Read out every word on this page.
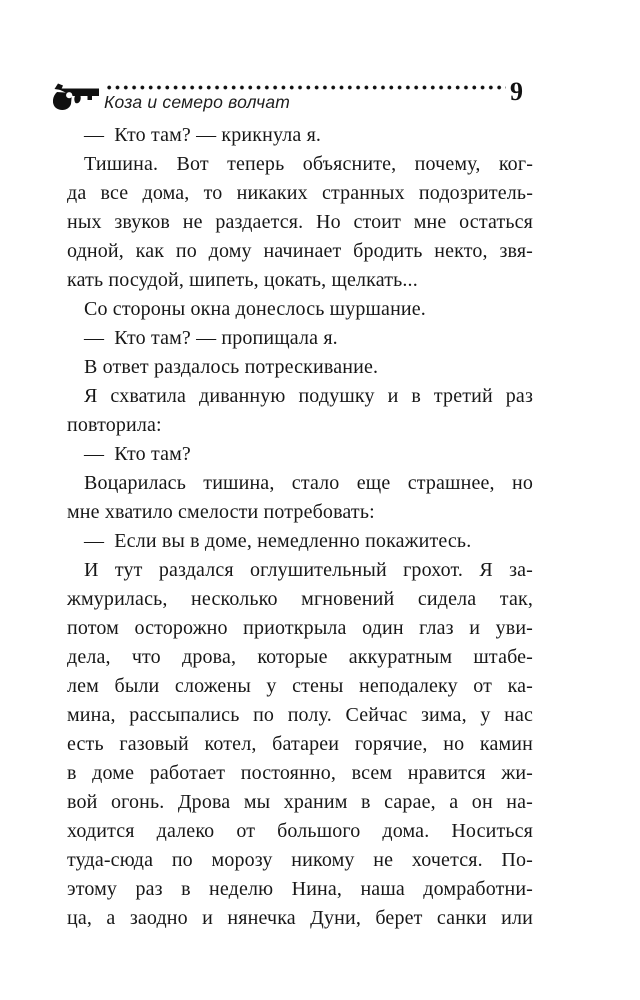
Коза и семеро волчат	9
— Кто там? — крикнула я.
Тишина. Вот теперь объясните, почему, ког-
да все дома, то никаких странных подозритель-
ных звуков не раздается. Но стоит мне остаться
одной, как по дому начинает бродить некто, звя-
кать посудой, шипеть, цокать, щелкать...
Со стороны окна донеслось шуршание.
— Кто там? — пропищала я.
В ответ раздалось потрескивание.
Я схватила диванную подушку и в третий раз
повторила:
— Кто там?
Воцарилась тишина, стало еще страшнее, но
мне хватило смелости потребовать:
— Если вы в доме, немедленно покажитесь.
И тут раздался оглушительный грохот. Я за-
жмурилась, несколько мгновений сидела так,
потом осторожно приоткрыла один глаз и уви-
дела, что дрова, которые аккуратным штабе-
лем были сложены у стены неподалеку от ка-
мина, рассыпались по полу. Сейчас зима, у нас
есть газовый котел, батареи горячие, но камин
в доме работает постоянно, всем нравится жи-
вой огонь. Дрова мы храним в сарае, а он на-
ходится далеко от большого дома. Носиться
туда-сюда по морозу никому не хочется. По-
этому раз в неделю Нина, наша домработни-
ца, а заодно и нянечка Дуни, берет санки или
